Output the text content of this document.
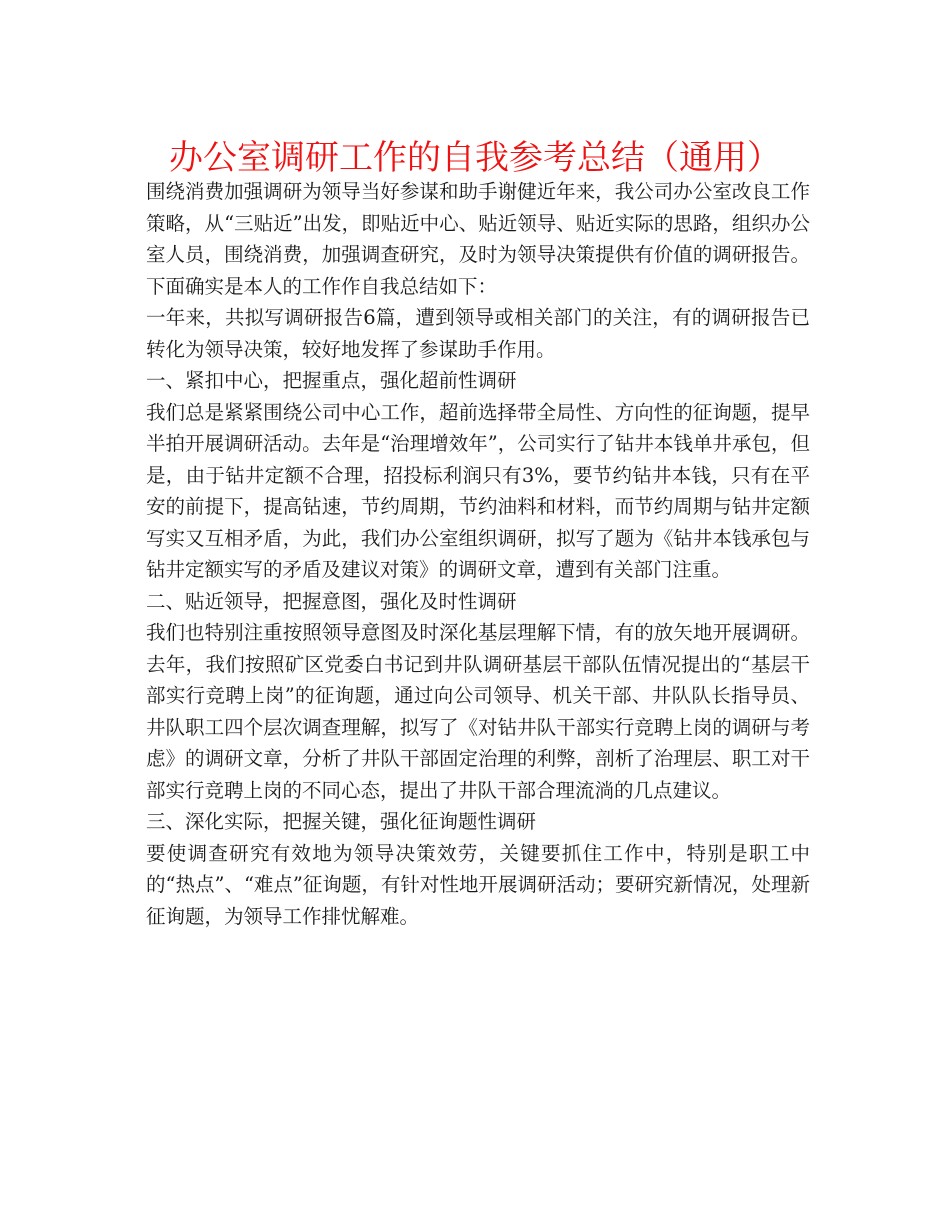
办公室调研工作的自我参考总结（通用）

围绕消费加强调研为领导当好参谋和助手谢健近年来，我公司办公室改良工作策略，从“三贴近”出发，即贴近中心、贴近领导、贴近实际的思路，组织办公室人员，围绕消费，加强调查研究，及时为领导决策提供有价值的调研报告。下面确实是本人的工作作自我总结如下：

一年来，共拟写调研报告6篇，遭到领导或相关部门的关注，有的调研报告已转化为领导决策，较好地发挥了参谋助手作用。

一、紧扣中心，把握重点，强化超前性调研

我们总是紧紧围绕公司中心工作，超前选择带全局性、方向性的征询题，提早半拍开展调研活动。去年是“治理增效年”，公司实行了钻井本钱单井承包，但是，由于钻井定额不合理，招投标利润只有3%，要节约钻井本钱，只有在平安的前提下，提高钻速，节约周期，节约油料和材料，而节约周期与钻井定额写实又互相矛盾，为此，我们办公室组织调研，拟写了题为《钻井本钱承包与钻井定额实写的矛盾及建议对策》的调研文章，遭到有关部门注重。

二、贴近领导，把握意图，强化及时性调研

我们也特别注重按照领导意图及时深化基层理解下情，有的放矢地开展调研。去年，我们按照矿区党委白书记到井队调研基层干部队伍情况提出的“基层干部实行竞聘上岗”的征询题，通过向公司领导、机关干部、井队队长指导员、井队职工四个层次调查理解，拟写了《对钻井队干部实行竞聘上岗的调研与考虑》的调研文章，分析了井队干部固定治理的利弊，剖析了治理层、职工对干部实行竞聘上岗的不同心态，提出了井队干部合理流淌的几点建议。

三、深化实际，把握关键，强化征询题性调研

要使调查研究有效地为领导决策效劳，关键要抓住工作中，特别是职工中的“热点”、“难点”征询题，有针对性地开展调研活动；要研究新情况，处理新征询题，为领导工作排忧解难。
